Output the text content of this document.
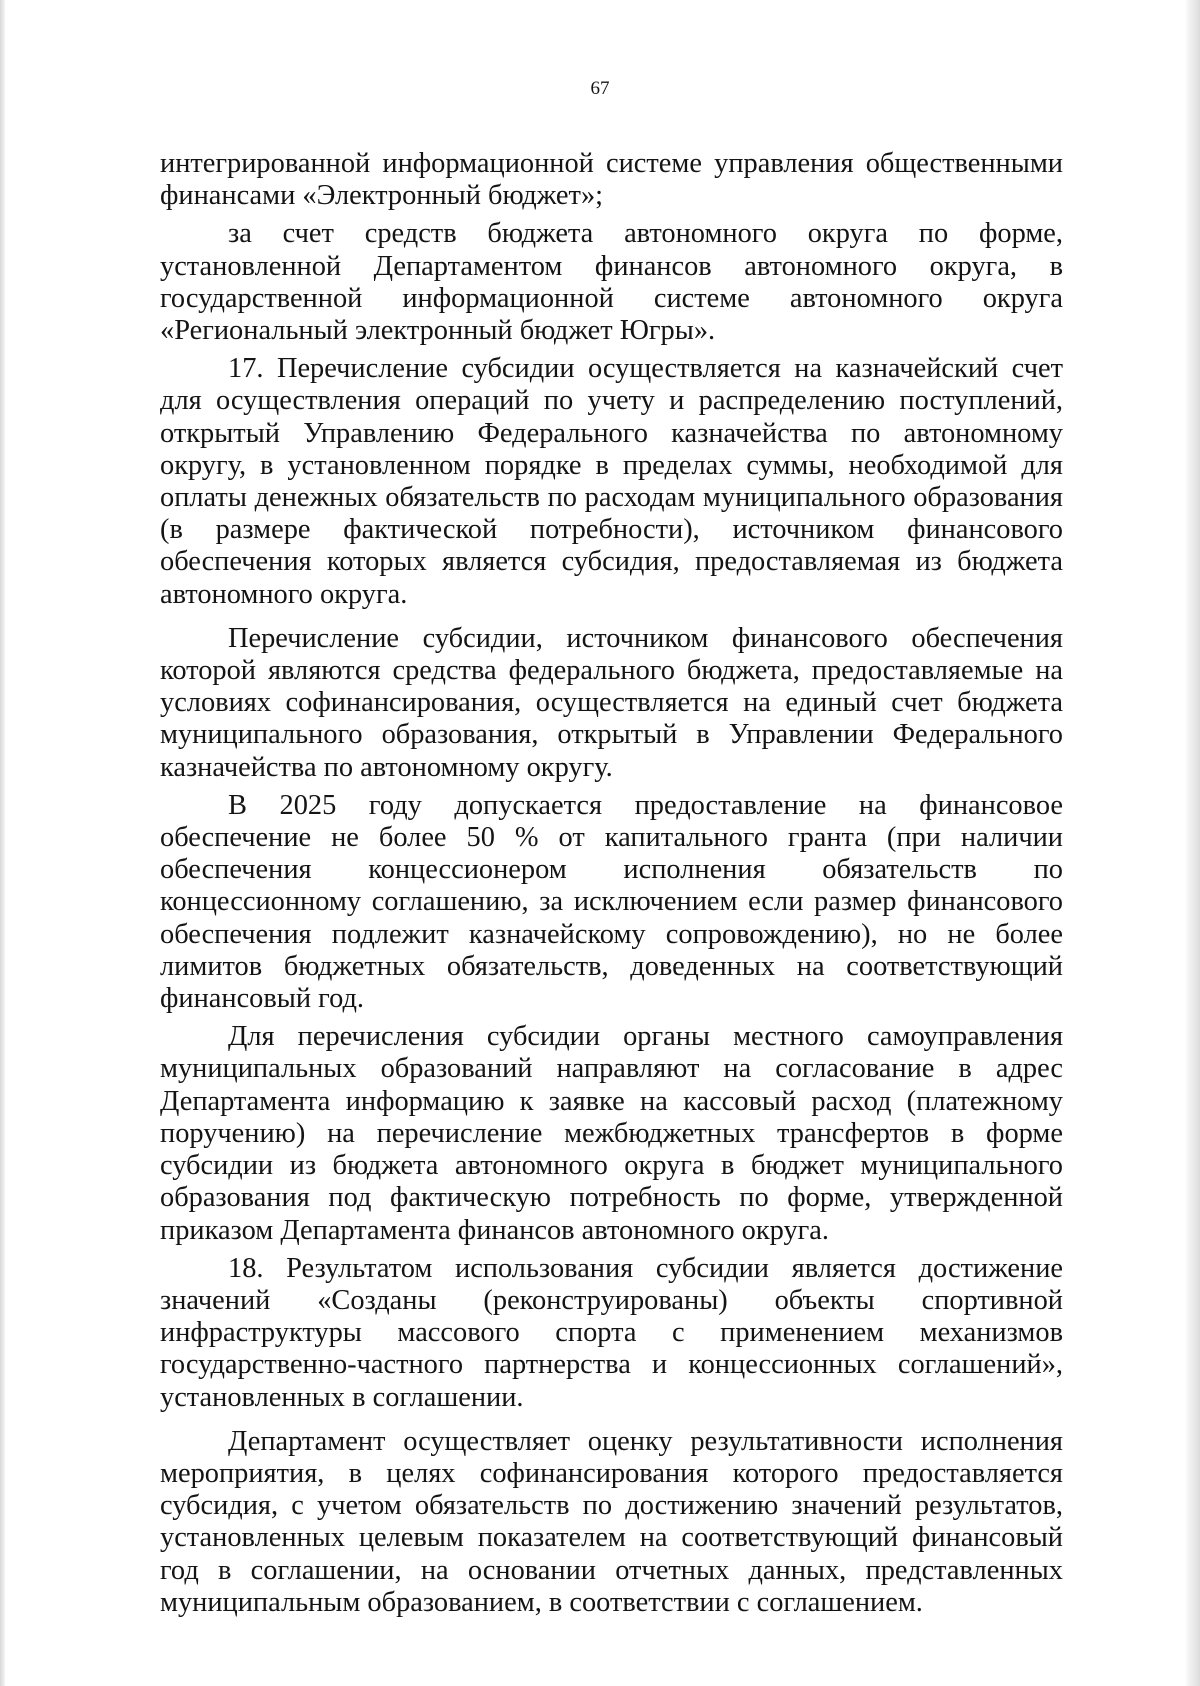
67

интегрированной информационной системе управления общественными финансами «Электронный бюджет»;

за счет средств бюджета автономного округа по форме, установленной Департаментом финансов автономного округа, в государственной информационной системе автономного округа «Региональный электронный бюджет Югры».

17. Перечисление субсидии осуществляется на казначейский счет для осуществления операций по учету и распределению поступлений, открытый Управлению Федерального казначейства по автономному округу, в установленном порядке в пределах суммы, необходимой для оплаты денежных обязательств по расходам муниципального образования (в размере фактической потребности), источником финансового обеспечения которых является субсидия, предоставляемая из бюджета автономного округа.

Перечисление субсидии, источником финансового обеспечения которой являются средства федерального бюджета, предоставляемые на условиях софинансирования, осуществляется на единый счет бюджета муниципального образования, открытый в Управлении Федерального казначейства по автономному округу.

В 2025 году допускается предоставление на финансовое обеспечение не более 50 % от капитального гранта (при наличии обеспечения концессионером исполнения обязательств по концессионному соглашению, за исключением если размер финансового обеспечения подлежит казначейскому сопровождению), но не более лимитов бюджетных обязательств, доведенных на соответствующий финансовый год.

Для перечисления субсидии органы местного самоуправления муниципальных образований направляют на согласование в адрес Департамента информацию к заявке на кассовый расход (платежному поручению) на перечисление межбюджетных трансфертов в форме субсидии из бюджета автономного округа в бюджет муниципального образования под фактическую потребность по форме, утвержденной приказом Департамента финансов автономного округа.

18. Результатом использования субсидии является достижение значений «Созданы (реконструированы) объекты спортивной инфраструктуры массового спорта с применением механизмов государственно-частного партнерства и концессионных соглашений», установленных в соглашении.

Департамент осуществляет оценку результативности исполнения мероприятия, в целях софинансирования которого предоставляется субсидия, с учетом обязательств по достижению значений результатов, установленных целевым показателем на соответствующий финансовый год в соглашении, на основании отчетных данных, представленных муниципальным образованием, в соответствии с соглашением.
